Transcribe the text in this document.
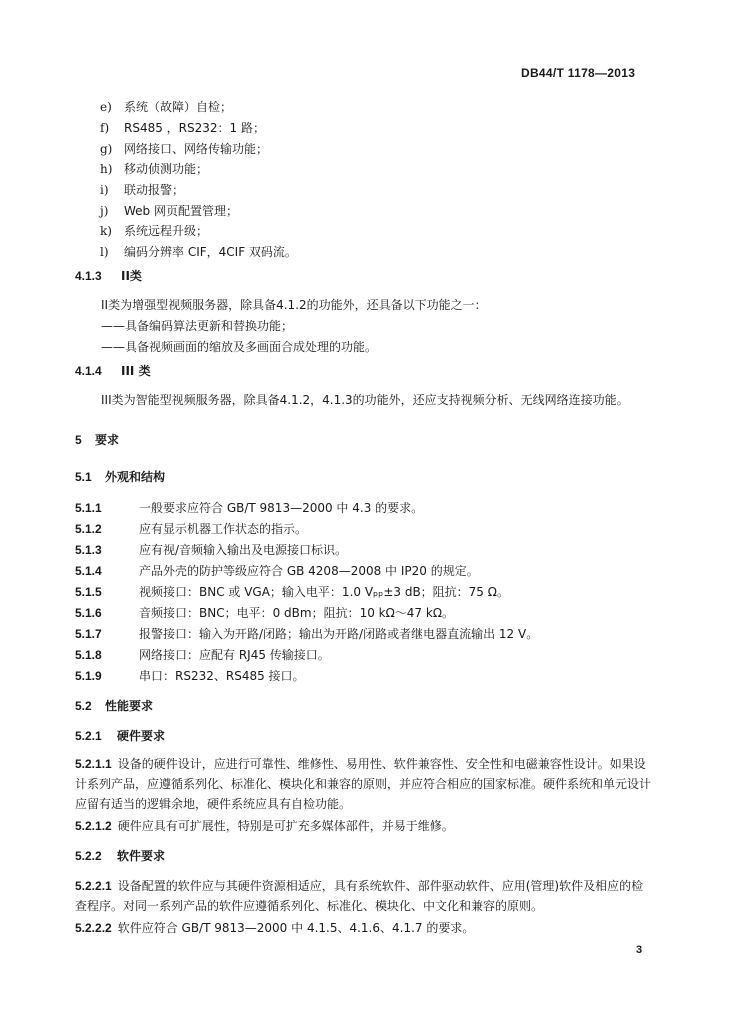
DB44/T 1178—2013
e) 系统（故障）自检；
f) RS485 ，RS232：1 路；
g) 网络接口、网络传输功能；
h) 移动侦测功能；
i) 联动报警；
j) Web 网页配置管理；
k) 系统远程升级；
l) 编码分辨率 CIF，4CIF 双码流。
4.1.3 II类
II类为增强型视频服务器，除具备4.1.2的功能外，还具备以下功能之一：
——具备编码算法更新和替换功能；
——具备视频画面的缩放及多画面合成处理的功能。
4.1.4 III 类
III类为智能型视频服务器，除具备4.1.2，4.1.3的功能外，还应支持视频分析、无线网络连接功能。
5 要求
5.1 外观和结构
5.1.1	一般要求应符合 GB/T 9813—2000 中 4.3 的要求。
5.1.2	应有显示机器工作状态的指示。
5.1.3	应有视/音频输入输出及电源接口标识。
5.1.4	产品外壳的防护等级应符合 GB 4208—2008 中 IP20 的规定。
5.1.5	视频接口：BNC 或 VGA；输入电平：1.0 Vₚₚ±3 dB；阻抗：75 Ω。
5.1.6	音频接口：BNC；电平：0 dBm；阻抗：10 kΩ～47 kΩ。
5.1.7	报警接口：输入为开路/闭路；输出为开路/闭路或者继电器直流输出 12 V。
5.1.8	网络接口：应配有 RJ45 传输接口。
5.1.9	串口：RS232、RS485 接口。
5.2 性能要求
5.2.1 硬件要求
5.2.1.1 设备的硬件设计，应进行可靠性、维修性、易用性、软件兼容性、安全性和电磁兼容性设计。如果设计系列产品，应遵循系列化、标准化、模块化和兼容的原则，并应符合相应的国家标准。硬件系统和单元设计应留有适当的逻辑余地，硬件系统应具有自检功能。
5.2.1.2 硬件应具有可扩展性，特别是可扩充多媒体部件，并易于维修。
5.2.2 软件要求
5.2.2.1 设备配置的软件应与其硬件资源相适应，具有系统软件、部件驱动软件、应用(管理)软件及相应的检查程序。对同一系列产品的软件应遵循系列化、标准化、模块化、中文化和兼容的原则。
5.2.2.2 软件应符合 GB/T 9813—2000 中 4.1.5、4.1.6、4.1.7 的要求。
3
